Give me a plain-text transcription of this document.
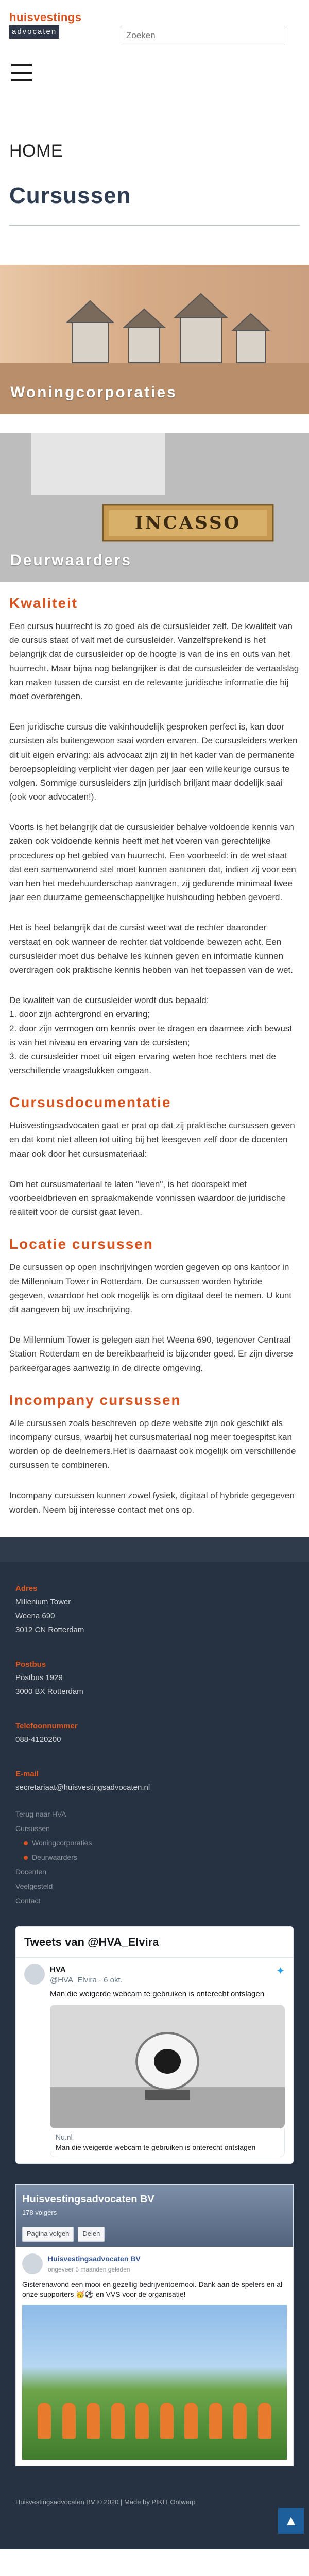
huisvestings
advocaten
Zoeken
HOME
Cursussen
Woningcorporaties
INCASSO
Deurwaarders
Kwaliteit

Een cursus huurrecht is zo goed als de cursusleider zelf. De kwaliteit van de cursus staat of valt met de cursusleider. Vanzelfsprekend is het belangrijk dat de cursusleider op de hoogte is van de ins en outs van het huurrecht. Maar bijna nog belangrijker is dat de cursusleider de vertaalslag kan maken tussen de cursist en de relevante juridische informatie die hij moet overbrengen.

Een juridische cursus die vakinhoudelijk gesproken perfect is, kan door cursisten als buitengewoon saai worden ervaren. De cursusleiders werken dit uit eigen ervaring: als advocaat zijn zij in het kader van de permanente beroepsopleiding verplicht vier dagen per jaar een willekeurige cursus te volgen. Sommige cursusleiders zijn juridisch briljant maar dodelijk saai (ook voor advocaten!).

Voorts is het belangrijk dat de cursusleider behalve voldoende kennis van zaken ook voldoende kennis heeft met het voeren van gerechtelijke procedures op het gebied van huurrecht. Een voorbeeld: in de wet staat dat een samenwonend stel moet kunnen aantonen dat, indien zij voor een van hen het medehuurderschap aanvragen, zij gedurende minimaal twee jaar een duurzame gemeenschappelijke huishouding hebben gevoerd.

Het is heel belangrijk dat de cursist weet wat de rechter daaronder verstaat en ook wanneer de rechter dat voldoende bewezen acht. Een cursusleider moet dus behalve les kunnen geven en informatie kunnen overdragen ook praktische kennis hebben van het toepassen van de wet.

De kwaliteit van de cursusleider wordt dus bepaald:

1. door zijn achtergrond en ervaring;
2. door zijn vermogen om kennis over te dragen en daarmee zich bewust is van het niveau en ervaring van de cursisten;
3. de cursusleider moet uit eigen ervaring weten hoe rechters met de verschillende vraagstukken omgaan.
Cursusdocumentatie

Huisvestingsadvocaten gaat er prat op dat zij praktische cursussen geven en dat komt niet alleen tot uiting bij het leesgeven zelf door de docenten maar ook door het cursusmateriaal:

Om het cursusmateriaal te laten "leven", is het doorspekt met voorbeeldbrieven en spraakmakende vonnissen waardoor de juridische realiteit voor de cursist gaat leven.

Locatie cursussen

De cursussen op open inschrijvingen worden gegeven op ons kantoor in de Millennium Tower in Rotterdam. De cursussen worden hybride gegeven, waardoor het ook mogelijk is om digitaal deel te nemen. U kunt dit aangeven bij uw inschrijving.

De Millennium Tower is gelegen aan het Weena 690, tegenover Centraal Station Rotterdam en de bereikbaarheid is bijzonder goed. Er zijn diverse parkeergarages aanwezig in de directe omgeving.

Incompany cursussen

Alle cursussen zoals beschreven op deze website zijn ook geschikt als incompany cursus, waarbij het cursusmateriaal nog meer toegespitst kan worden op de deelnemers.Het is daarnaast ook mogelijk om verschillende cursussen te combineren.

Incompany cursussen kunnen zowel fysiek, digitaal of hybride gegegeven worden. Neem bij interesse contact met ons op.

Adres
Millenium Tower
Weena 690
3012 CN Rotterdam
Postbus
Postbus 1929
3000 BX Rotterdam
Telefoonnummer
088-4120200
E-mail
secretariaat@huisvestingsadvocaten.nl
Terug naar HVA
Cursussen
Woningcorporaties
Deurwaarders
Docenten
Veelgesteld
Contact
Tweets van @HVA_Elvira
HVA
@HVA_Elvira · 6 okt.
✦
Man die weigerde webcam te gebruiken is onterecht ontslagen
Nu.nl
Man die weigerde webcam te gebruiken is onterecht ontslagen
Huisvestingsadvocaten BV
178 volgers
Pagina volgen	Delen
Huisvestingsadvocaten BV
ongeveer 5 maanden geleden
Gisterenavond een mooi en gezellig bedrijventoernooi. Dank aan de spelers en al onze supporters 🥳⚽ en VVS voor de organisatie!
Huisvestingsadvocaten BV © 2020 | Made by PIKIT Ontwerp
▲
